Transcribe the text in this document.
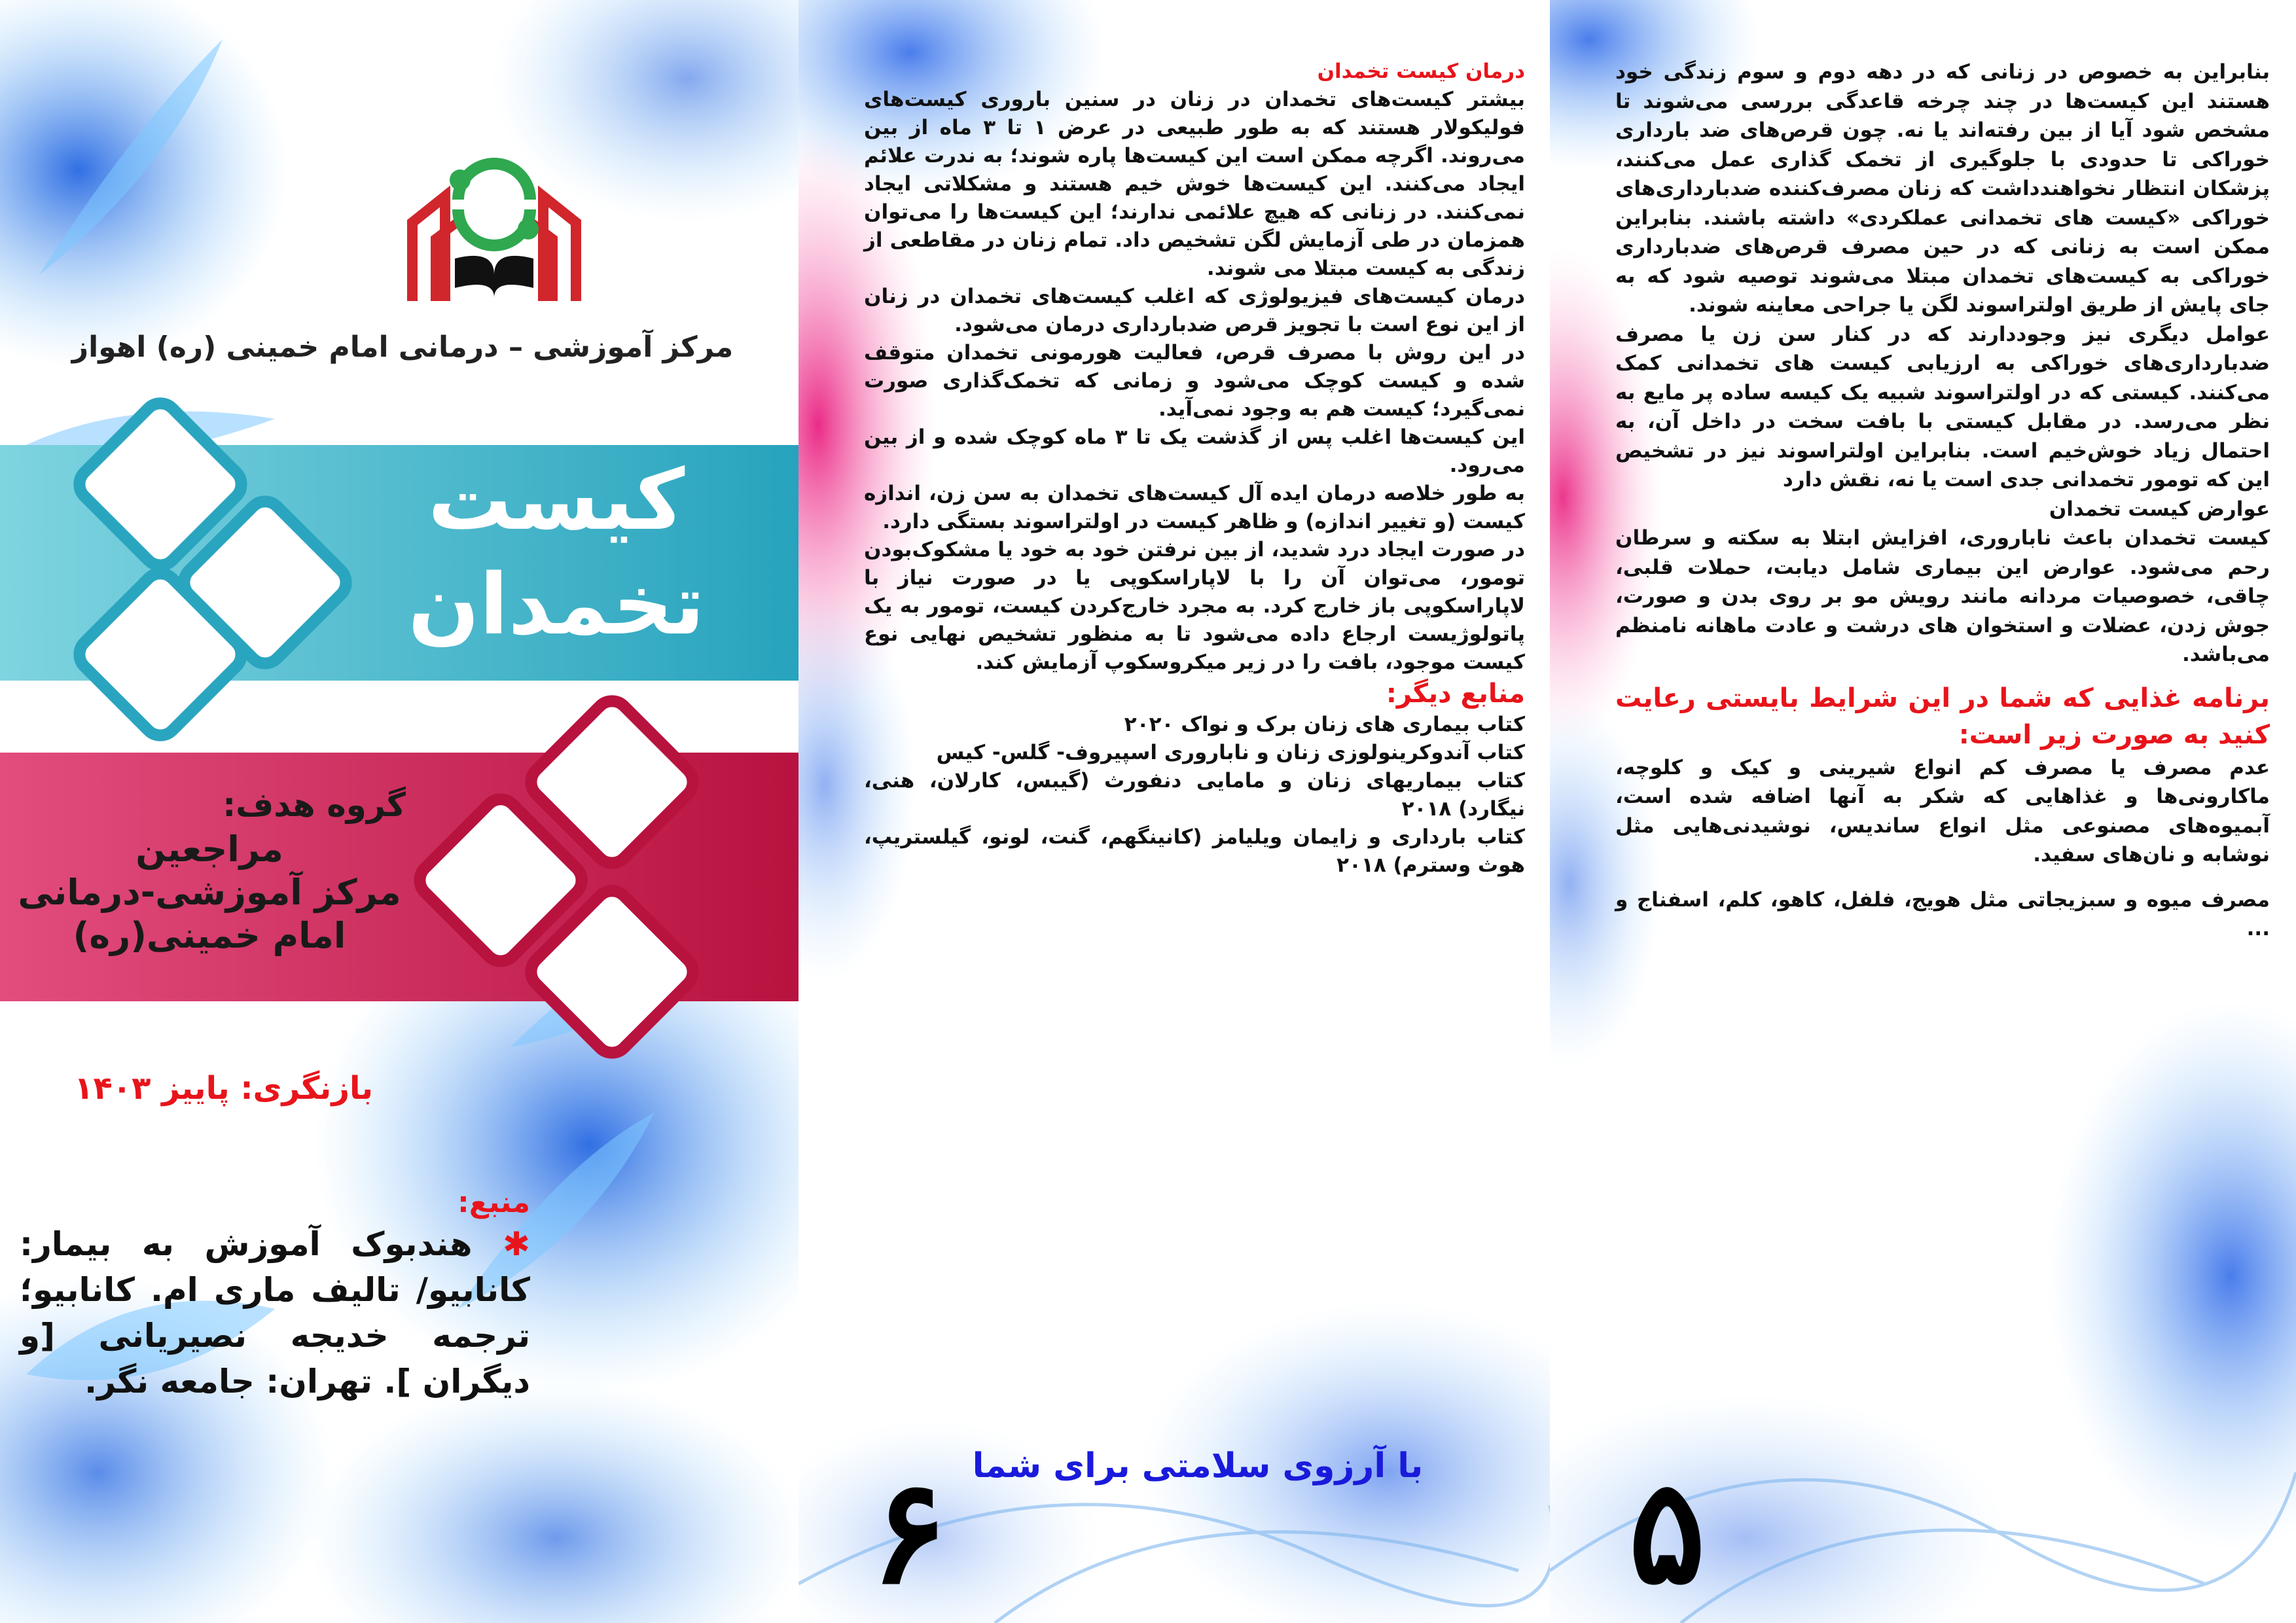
مرکز آموزشی – درمانی امام خمینی (ره) اهواز

کیست

تخمدان

گروه هدف:

مراجعین

مرکز آموزشی-درمانی

امام خمینی(ره)

بازنگری: پاییز ۱۴۰۳

منبع:

✱ هندبوک آموزش به بیمار: کانابیو/ تالیف ماری ام. کانابیو؛ ترجمه خدیجه نصیریانی [و دیگران ]. تهران: جامعه نگر.

درمان کیست تخمدان

بیشتر کیست‌های تخمدان در زنان در سنین باروری کیست‌های فولیکولار هستند که به طور طبیعی در عرض ۱ تا ۳ ماه از بین می‌روند. اگرچه ممکن است این کیست‌ها پاره شوند؛ به ندرت علائم ایجاد می‌کنند. این کیست‌ها خوش خیم هستند و مشکلاتی ایجاد نمی‌کنند. در زنانی که هیچ علائمی ندارند؛ این کیست‌ها را می‌توان همزمان در طی آزمایش لگن تشخیص داد. تمام زنان در مقاطعی از زندگی به کیست مبتلا می شوند.

درمان کیست‌های فیزیولوژی که اغلب کیست‌های تخمدان در زنان از این نوع است با تجویز قرص ضدبارداری درمان می‌شود.

در این روش با مصرف قرص، فعالیت هورمونی تخمدان متوقف شده و کیست کوچک می‌شود و زمانی که تخمک‌گذاری صورت نمی‌گیرد؛ کیست هم به وجود نمی‌آید.

این کیست‌ها اغلب پس از گذشت یک تا ۳ ماه کوچک شده و از بین می‌رود.

به طور خلاصه درمان ایده آل کیست‌های تخمدان به سن زن، اندازه کیست (و تغییر اندازه) و ظاهر کیست در اولتراسوند بستگی دارد.

در صورت ایجاد درد شدید، از بین نرفتن خود به خود یا مشکوک‌بودن تومور، می‌توان آن را با لاپاراسکوپی یا در صورت نیاز با لاپاراسکوپی باز خارج کرد. به مجرد خارج‌کردن کیست، تومور به یک پاتولوژیست ارجاع داده می‌شود تا به منظور تشخیص نهایی نوع کیست موجود، بافت را در زیر میکروسکوپ آزمایش کند.

منابع دیگر:

کتاب بیماری های زنان برک و نواک ۲۰۲۰

کتاب آندوکرینولوزی زنان و ناباروری اسپیروف- گلس- کیس

کتاب بیماریهای زنان و مامایی دنفورث (گیبس، کارلان، هنی، نیگارد) ۲۰۱۸

کتاب بارداری و زایمان ویلیامز (کانینگهم، گنت، لونو، گیلستریپ، هوث وسترم) ۲۰۱۸

با آرزوی سلامتی برای شما
۶

بنابراین به خصوص در زنانی که در دهه دوم و سوم زندگی خود هستند این کیست‌ها در چند چرخه قاعدگی بررسی می‌شوند تا مشخص شود آیا از بین رفته‌اند یا نه. چون قرص‌های ضد بارداری خوراکی تا حدودی با جلوگیری از تخمک گذاری عمل می‌کنند، پزشکان انتظار نخواهندداشت که زنان مصرف‌کننده ضدبارداری‌های خوراکی «کیست های تخمدانی عملکردی» داشته باشند. بنابراین ممکن است به زنانی که در حین مصرف قرص‌های ضدبارداری خوراکی به کیست‌های تخمدان مبتلا می‌شوند توصیه شود که به جای پایش از طریق اولتراسوند لگن یا جراحی معاینه شوند.

عوامل دیگری نیز وجوددارند که در کنار سن زن یا مصرف ضدبارداری‌های خوراکی به ارزیابی کیست های تخمدانی کمک می‌کنند. کیستی که در اولتراسوند شبیه یک کیسه ساده پر مایع به نظر می‌رسد. در مقابل کیستی با بافت سخت در داخل آن، به احتمال زیاد خوش‌خیم است. بنابراین اولتراسوند نیز در تشخیص این که تومور تخمدانی جدی است یا نه، نقش دارد

عوارض کیست تخمدان

کیست تخمدان باعث ناباروری، افزایش ابتلا به سکته و سرطان رحم می‌شود. عوارض این بیماری شامل دیابت، حملات قلبی، چاقی، خصوصیات مردانه مانند رویش مو بر روی بدن و صورت، جوش زدن، عضلات و استخوان های درشت و عادت ماهانه نامنظم می‌باشد.

برنامه غذایی که شما در این شرایط بایستی رعایت کنید به صورت زیر است:

عدم مصرف یا مصرف کم انواع شیرینی و کیک و کلوچه، ماکارونی‌ها و غذاهایی که شکر به آنها اضافه شده است، آبمیوه‌های مصنوعی مثل انواع ساندیس، نوشیدنی‌هایی مثل نوشابه و نان‌های سفید.

مصرف میوه و سبزیجاتی مثل هویج، فلفل، کاهو، کلم، اسفناج و ...

۵
